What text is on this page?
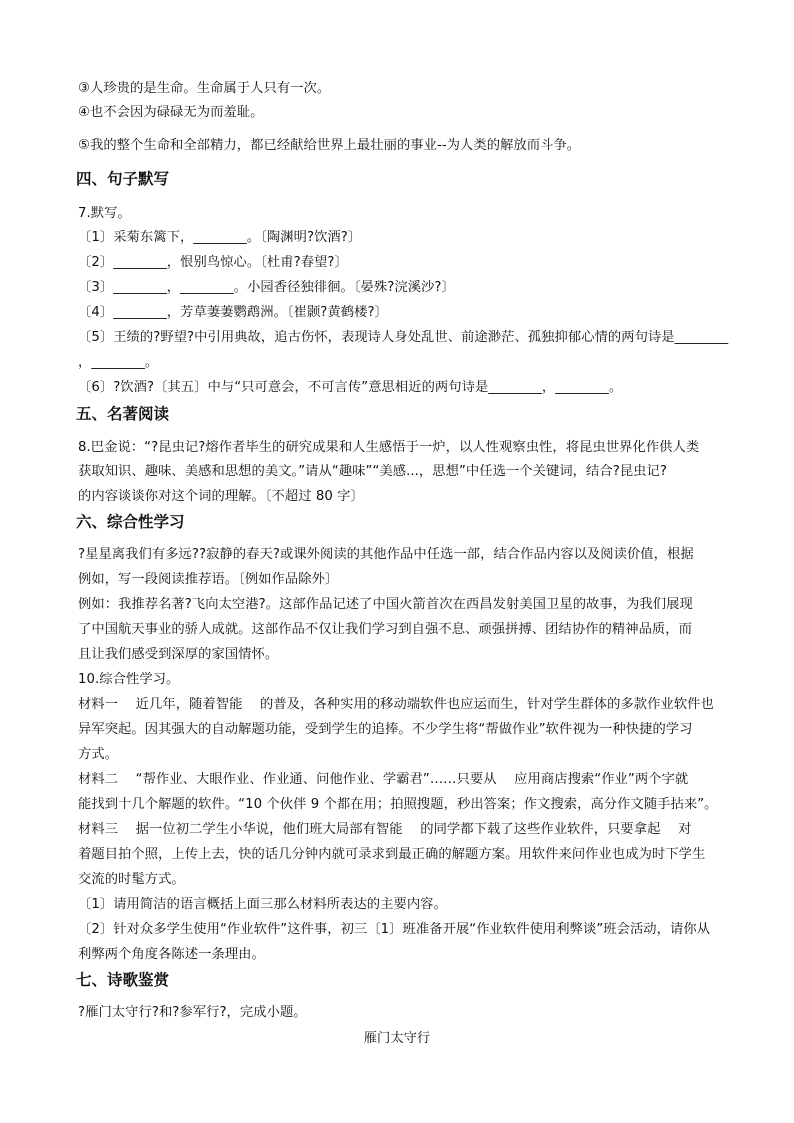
③人珍贵的是生命。生命属于人只有一次。
④也不会因为碌碌无为而羞耻。
⑤我的整个生命和全部精力，都已经献给世界上最壮丽的事业--为人类的解放而斗争。
四、句子默写
7.默写。
〔1〕采菊东篱下，________。〔陶渊明?饮酒?〕
〔2〕________，恨别鸟惊心。〔杜甫?春望?〕
〔3〕________，________。小园香径独徘徊。〔晏殊?浣溪沙?〕
〔4〕________，芳草萋萋鹦鹉洲。〔崔颢?黄鹤楼?〕
〔5〕王绩的?野望?中引用典故，追古伤怀，表现诗人身处乱世、前途渺茫、孤独抑郁心情的两句诗是________
，________。
〔6〕?饮酒?〔其五〕中与“只可意会，不可言传”意思相近的两句诗是________，________。
五、名著阅读
8.巴金说：“?昆虫记?熔作者毕生的研究成果和人生感悟于一炉，以人性观察虫性，将昆虫世界化作供人类
获取知识、趣味、美感和思想的美文。”请从“趣味”“美感...，思想”中任选一个关键词，结合?昆虫记?
的内容谈谈你对这个词的理解。〔不超过 80 字〕
六、综合性学习
?星星离我们有多远??寂静的春天?或课外阅读的其他作品中任选一部，结合作品内容以及阅读价值，根据
例如，写一段阅读推荐语。〔例如作品除外〕
例如：我推荐名著?飞向太空港?。这部作品记述了中国火箭首次在西昌发射美国卫星的故事，为我们展现
了中国航天事业的骄人成就。这部作品不仅让我们学习到自强不息、顽强拼搏、团结协作的精神品质，而
且让我们感受到深厚的家国情怀。
10.综合性学习。
材料一　 近几年，随着智能　 的普及，各种实用的移动端软件也应运而生，针对学生群体的多款作业软件也
异军突起。因其强大的自动解题功能，受到学生的追捧。不少学生将“帮做作业”软件视为一种快捷的学习
方式。
材料二　 “帮作业、大眼作业、作业通、问他作业、学霸君”……只要从　 应用商店搜索“作业”两个字就
能找到十几个解题的软件。“10 个伙伴 9 个都在用；拍照搜题，秒出答案；作文搜索，高分作文随手拈来”。
材料三　 据一位初二学生小华说，他们班大局部有智能　 的同学都下载了这些作业软件，只要拿起　 对
着题目拍个照，上传上去，快的话几分钟内就可录求到最正确的解题方案。用软件来问作业也成为时下学生
交流的时髦方式。
〔1〕请用简洁的语言概括上面三那么材料所表达的主要内容。
〔2〕针对众多学生使用“作业软件”这件事，初三〔1〕班准备开展“作业软件使用利弊谈”班会活动，请你从
利弊两个角度各陈述一条理由。
七、诗歌鉴赏
?雁门太守行?和?参军行?，完成小题。
雁门太守行
